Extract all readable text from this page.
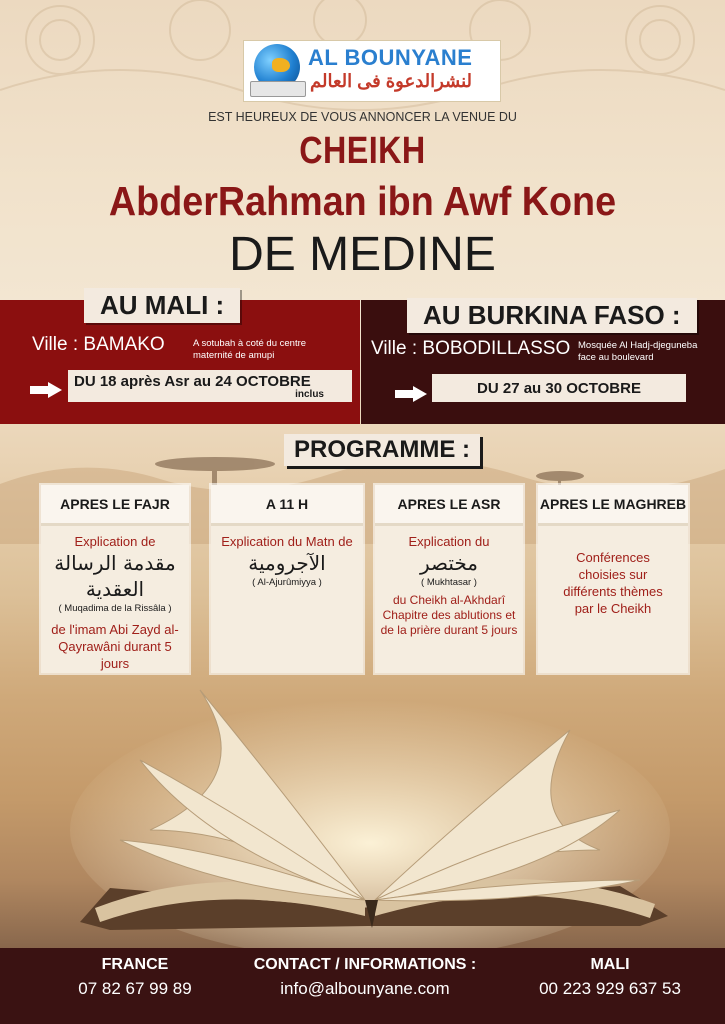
AL BOUNYANE
لنشرالدعوة فى العالم
EST HEUREUX DE VOUS ANNONCER LA VENUE DU
CHEIKH
AbderRahman ibn Awf Kone
DE MEDINE
AU MALI :
Ville : BAMAKO	A sotubah à coté du centre maternité de amupi
DU 18 après Asr au 24 OCTOBRE
inclus
AU BURKINA FASO :
Ville : BOBODILLASSO Mosquée Al Hadj-djeguneba face au boulevard
DU 27 au 30 OCTOBRE
PROGRAMME :
APRES LE FAJR
Explication de
مقدمة الرسالة العقدية
( Muqadima de la Rissâla )
de l'imam Abi Zayd al-Qayrawâni durant 5 jours
A 11 H
Explication du Matn de
الآجرومية
( Al-Ajurûmiyya )
APRES LE ASR
Explication du
مختصر
( Mukhtasar )
du Cheikh al-Akhdarî Chapitre des ablutions et de la prière durant 5 jours
APRES LE MAGHREB
Conférences choisies sur différents thèmes par le Cheikh
FRANCE
07 82 67 99 89
CONTACT / INFORMATIONS :
info@albounyane.com
MALI
00 223 929 637 53
